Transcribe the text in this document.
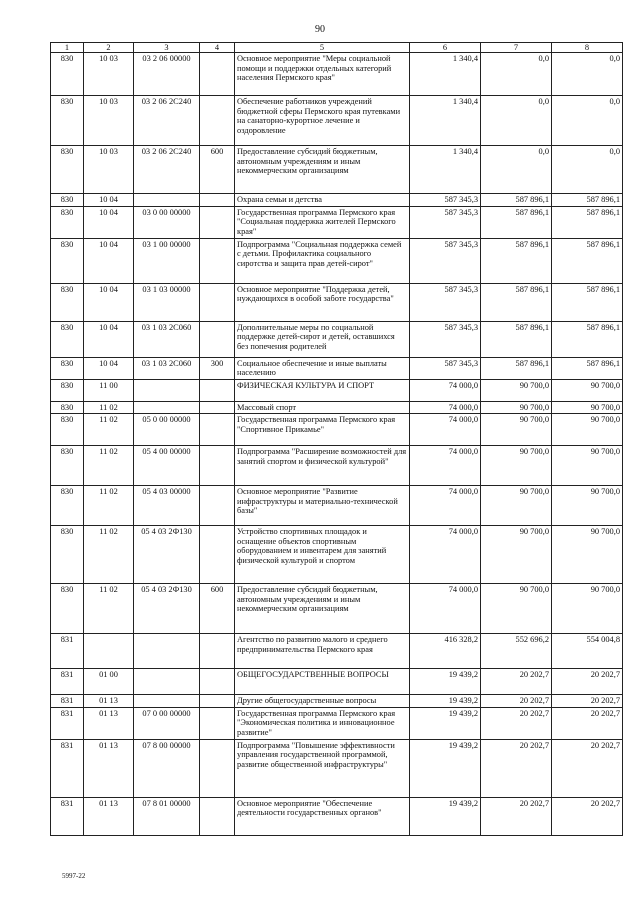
90
1	2	3	4	5	6	7	8
830	10 03	03 2 06 00000		Основное мероприятие "Меры социальной помощи и поддержки отдельных категорий населения Пермского края"	1 340,4	0,0	0,0
830	10 03	03 2 06 2С240		Обеспечение работников учреждений бюджетной сферы Пермского края путевками на санаторно-курортное лечение и оздоровление	1 340,4	0,0	0,0
830	10 03	03 2 06 2С240	600	Предоставление субсидий бюджетным, автономным учреждениям и иным некоммерческим организациям	1 340,4	0,0	0,0
830	10 04			Охрана семьи и детства	587 345,3	587 896,1	587 896,1
830	10 04	03 0 00 00000		Государственная программа Пермского края "Социальная поддержка жителей Пермского края"	587 345,3	587 896,1	587 896,1
830	10 04	03 1 00 00000		Подпрограмма "Социальная поддержка семей с детьми. Профилактика социального сиротства и защита прав детей-сирот"	587 345,3	587 896,1	587 896,1
830	10 04	03 1 03 00000		Основное мероприятие "Поддержка детей, нуждающихся в особой заботе государства"	587 345,3	587 896,1	587 896,1
830	10 04	03 1 03 2С060		Дополнительные меры по социальной поддержке детей-сирот и детей, оставшихся без попечения родителей	587 345,3	587 896,1	587 896,1
830	10 04	03 1 03 2С060	300	Социальное обеспечение и иные выплаты населению	587 345,3	587 896,1	587 896,1
830	11 00			ФИЗИЧЕСКАЯ КУЛЬТУРА И СПОРТ	74 000,0	90 700,0	90 700,0
830	11 02			Массовый спорт	74 000,0	90 700,0	90 700,0
830	11 02	05 0 00 00000		Государственная программа Пермского края "Спортивное Прикамье"	74 000,0	90 700,0	90 700,0
830	11 02	05 4 00 00000		Подпрограмма "Расширение возможностей для занятий спортом и физической культурой"	74 000,0	90 700,0	90 700,0
830	11 02	05 4 03 00000		Основное мероприятие "Развитие инфраструктуры и материально-технической базы"	74 000,0	90 700,0	90 700,0
830	11 02	05 4 03 2Ф130		Устройство спортивных площадок и оснащение объектов спортивным оборудованием и инвентарем для занятий физической культурой и спортом	74 000,0	90 700,0	90 700,0
830	11 02	05 4 03 2Ф130	600	Предоставление субсидий бюджетным, автономным учреждениям и иным некоммерческим организациям	74 000,0	90 700,0	90 700,0
831				Агентство по развитию малого и среднего предпринимательства Пермского края	416 328,2	552 696,2	554 004,8
831	01 00			ОБЩЕГОСУДАРСТВЕННЫЕ ВОПРОСЫ	19 439,2	20 202,7	20 202,7
831	01 13			Другие общегосударственные вопросы	19 439,2	20 202,7	20 202,7
831	01 13	07 0 00 00000		Государственная программа Пермского края "Экономическая политика и инновационное развитие"	19 439,2	20 202,7	20 202,7
831	01 13	07 8 00 00000		Подпрограмма "Повышение эффективности управления государственной программой, развитие общественной инфраструктуры"	19 439,2	20 202,7	20 202,7
831	01 13	07 8 01 00000		Основное мероприятие "Обеспечение деятельности государственных органов"	19 439,2	20 202,7	20 202,7
5997-22
